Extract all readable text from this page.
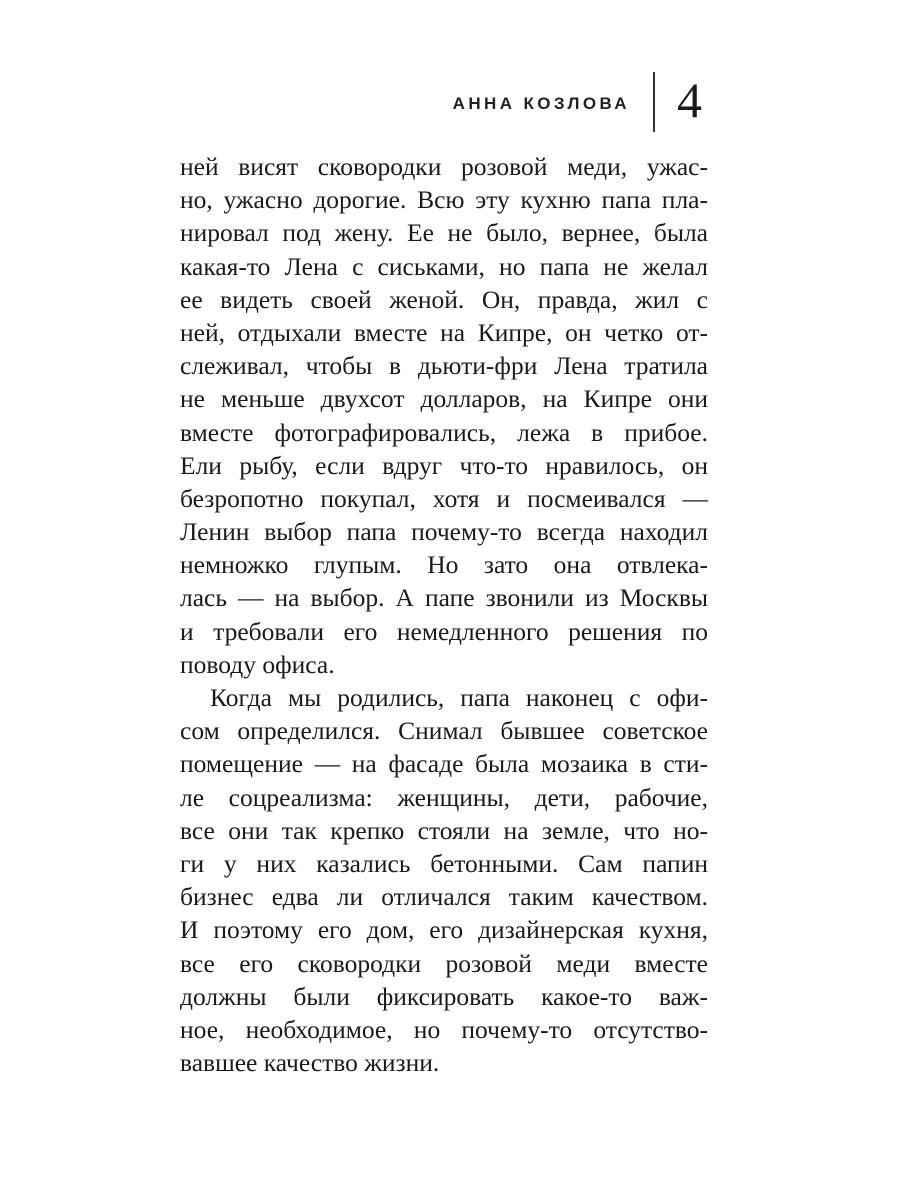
АННА КОЗЛОВА 4
ней висят сковородки розовой меди, ужас-
но, ужасно дорогие. Всю эту кухню папа пла-
нировал под жену. Ее не было, вернее, была
какая-то Лена с сиськами, но папа не желал
ее видеть своей женой. Он, правда, жил с
ней, отдыхали вместе на Кипре, он четко от-
слеживал, чтобы в дьюти-фри Лена тратила
не меньше двухсот долларов, на Кипре они
вместе фотографировались, лежа в прибое.
Ели рыбу, если вдруг что-то нравилось, он
безропотно покупал, хотя и посмеивался —
Ленин выбор папа почему-то всегда находил
немножко глупым. Но зато она отвлека-
лась — на выбор. А папе звонили из Москвы
и требовали его немедленного решения по
поводу офиса.
Когда мы родились, папа наконец с офи-
сом определился. Снимал бывшее советское
помещение — на фасаде была мозаика в сти-
ле соцреализма: женщины, дети, рабочие,
все они так крепко стояли на земле, что но-
ги у них казались бетонными. Сам папин
бизнес едва ли отличался таким качеством.
И поэтому его дом, его дизайнерская кухня,
все его сковородки розовой меди вместе
должны были фиксировать какое-то важ-
ное, необходимое, но почему-то отсутство-
вавшее качество жизни.
